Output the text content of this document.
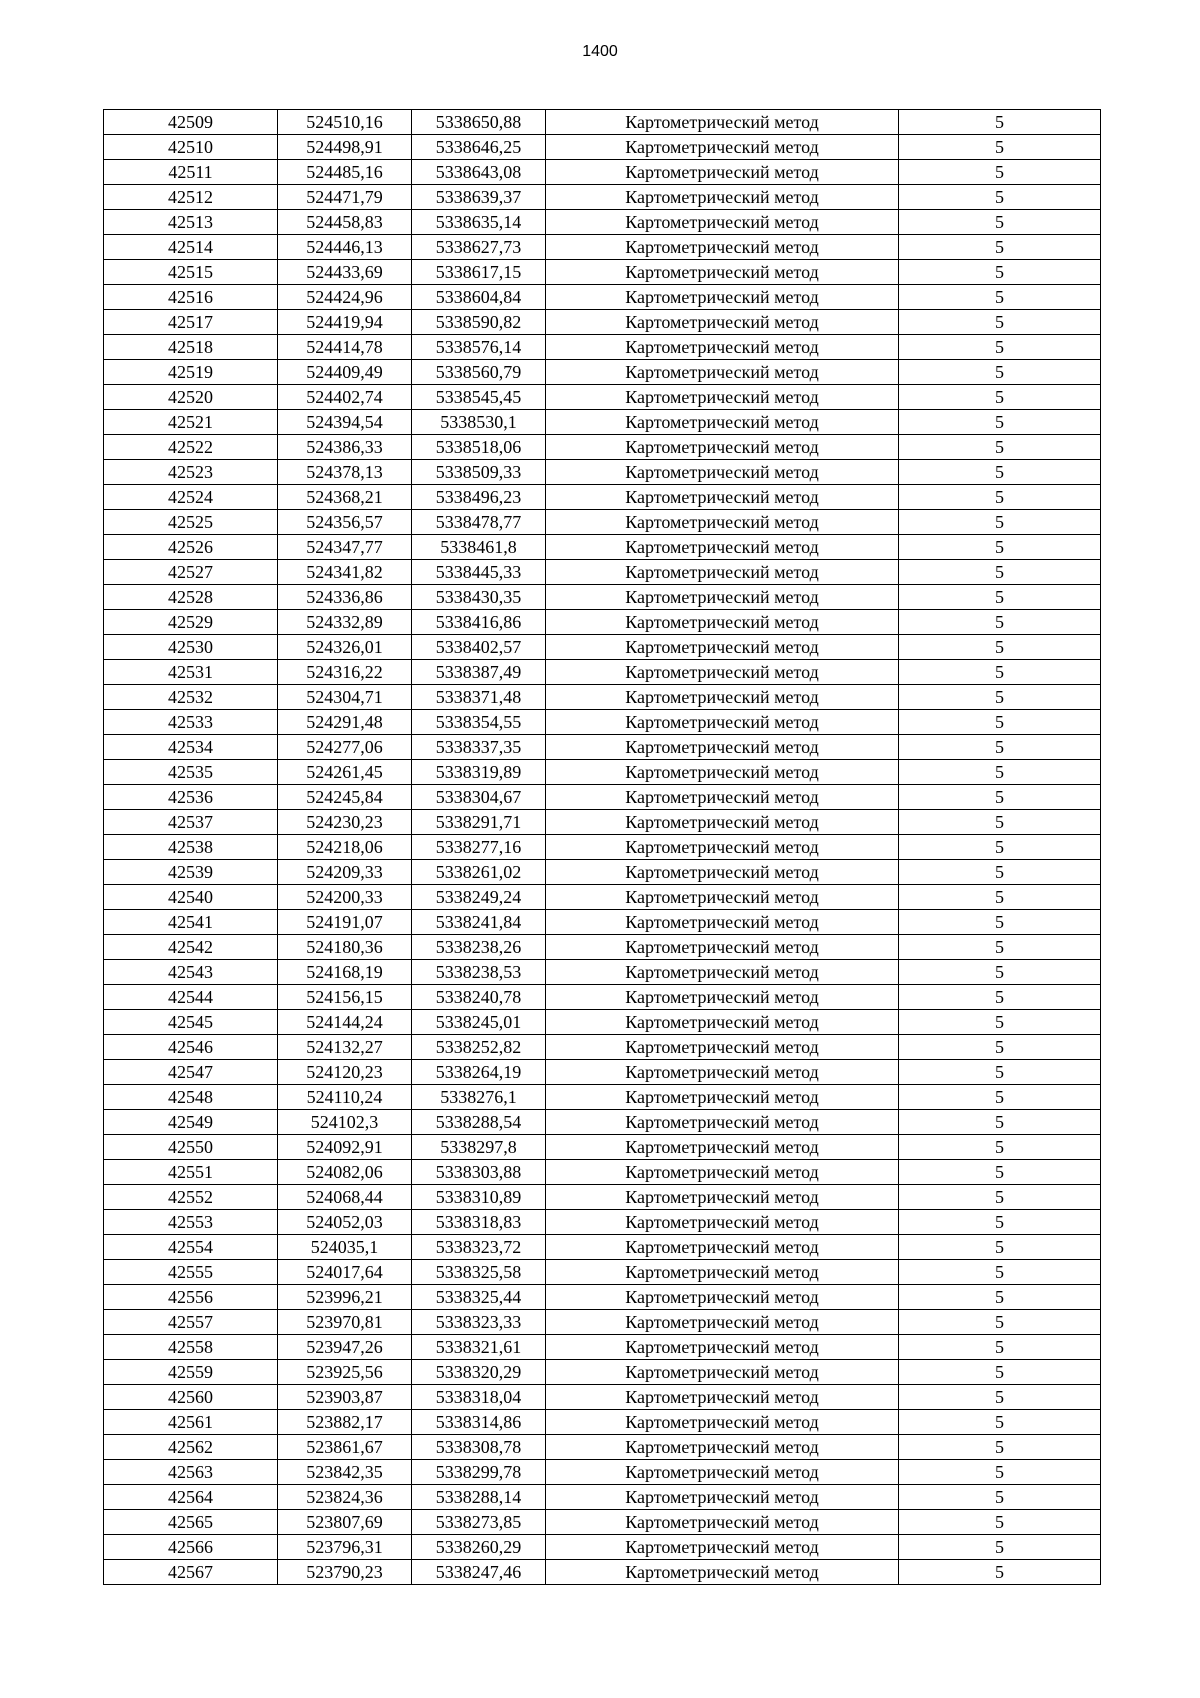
1400
42509	524510,16	5338650,88	Картометрический метод	5
42510	524498,91	5338646,25	Картометрический метод	5
42511	524485,16	5338643,08	Картометрический метод	5
42512	524471,79	5338639,37	Картометрический метод	5
42513	524458,83	5338635,14	Картометрический метод	5
42514	524446,13	5338627,73	Картометрический метод	5
42515	524433,69	5338617,15	Картометрический метод	5
42516	524424,96	5338604,84	Картометрический метод	5
42517	524419,94	5338590,82	Картометрический метод	5
42518	524414,78	5338576,14	Картометрический метод	5
42519	524409,49	5338560,79	Картометрический метод	5
42520	524402,74	5338545,45	Картометрический метод	5
42521	524394,54	5338530,1	Картометрический метод	5
42522	524386,33	5338518,06	Картометрический метод	5
42523	524378,13	5338509,33	Картометрический метод	5
42524	524368,21	5338496,23	Картометрический метод	5
42525	524356,57	5338478,77	Картометрический метод	5
42526	524347,77	5338461,8	Картометрический метод	5
42527	524341,82	5338445,33	Картометрический метод	5
42528	524336,86	5338430,35	Картометрический метод	5
42529	524332,89	5338416,86	Картометрический метод	5
42530	524326,01	5338402,57	Картометрический метод	5
42531	524316,22	5338387,49	Картометрический метод	5
42532	524304,71	5338371,48	Картометрический метод	5
42533	524291,48	5338354,55	Картометрический метод	5
42534	524277,06	5338337,35	Картометрический метод	5
42535	524261,45	5338319,89	Картометрический метод	5
42536	524245,84	5338304,67	Картометрический метод	5
42537	524230,23	5338291,71	Картометрический метод	5
42538	524218,06	5338277,16	Картометрический метод	5
42539	524209,33	5338261,02	Картометрический метод	5
42540	524200,33	5338249,24	Картометрический метод	5
42541	524191,07	5338241,84	Картометрический метод	5
42542	524180,36	5338238,26	Картометрический метод	5
42543	524168,19	5338238,53	Картометрический метод	5
42544	524156,15	5338240,78	Картометрический метод	5
42545	524144,24	5338245,01	Картометрический метод	5
42546	524132,27	5338252,82	Картометрический метод	5
42547	524120,23	5338264,19	Картометрический метод	5
42548	524110,24	5338276,1	Картометрический метод	5
42549	524102,3	5338288,54	Картометрический метод	5
42550	524092,91	5338297,8	Картометрический метод	5
42551	524082,06	5338303,88	Картометрический метод	5
42552	524068,44	5338310,89	Картометрический метод	5
42553	524052,03	5338318,83	Картометрический метод	5
42554	524035,1	5338323,72	Картометрический метод	5
42555	524017,64	5338325,58	Картометрический метод	5
42556	523996,21	5338325,44	Картометрический метод	5
42557	523970,81	5338323,33	Картометрический метод	5
42558	523947,26	5338321,61	Картометрический метод	5
42559	523925,56	5338320,29	Картометрический метод	5
42560	523903,87	5338318,04	Картометрический метод	5
42561	523882,17	5338314,86	Картометрический метод	5
42562	523861,67	5338308,78	Картометрический метод	5
42563	523842,35	5338299,78	Картометрический метод	5
42564	523824,36	5338288,14	Картометрический метод	5
42565	523807,69	5338273,85	Картометрический метод	5
42566	523796,31	5338260,29	Картометрический метод	5
42567	523790,23	5338247,46	Картометрический метод	5
